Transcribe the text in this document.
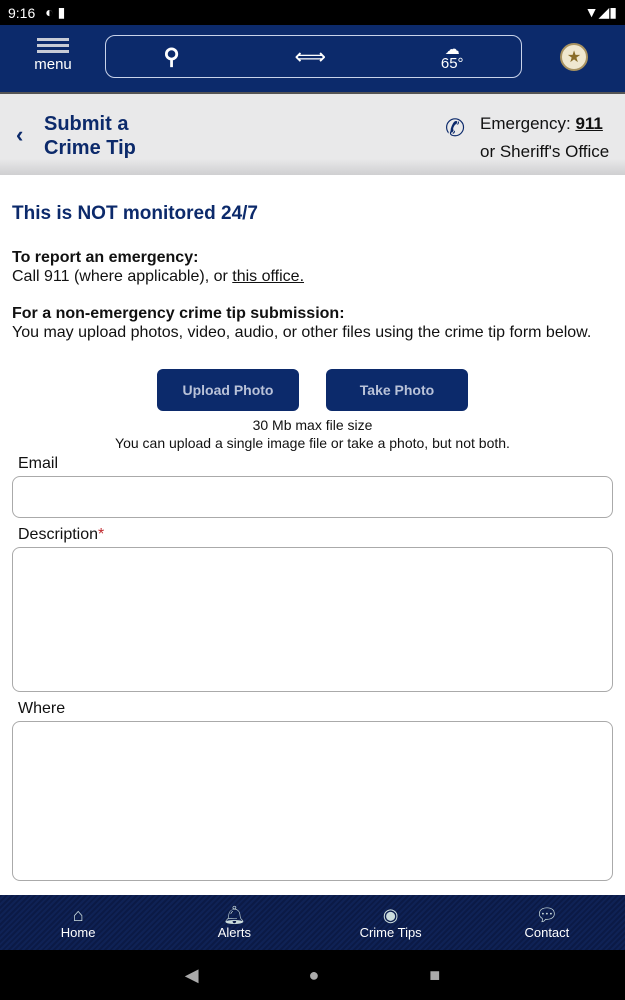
9:16 ◐ ▮	▼◢▮
menu	⚲	⟺	☁
65°	★
‹ Submit a
Crime Tip
✆ Emergency: 911
or Sheriff's Office
This is NOT monitored 24/7
To report an emergency:
Call 911 (where applicable), or this office.
For a non-emergency crime tip submission:
You may upload photos, video, audio, or other files using the crime tip form below.
Upload Photo	Take Photo
30 Mb max file size
You can upload a single image file or take a photo, but not both.
Email
Description*
Where
⌂
Home
🔔︎
Alerts
◉
Crime Tips
💬︎
Contact
◀	●	■
